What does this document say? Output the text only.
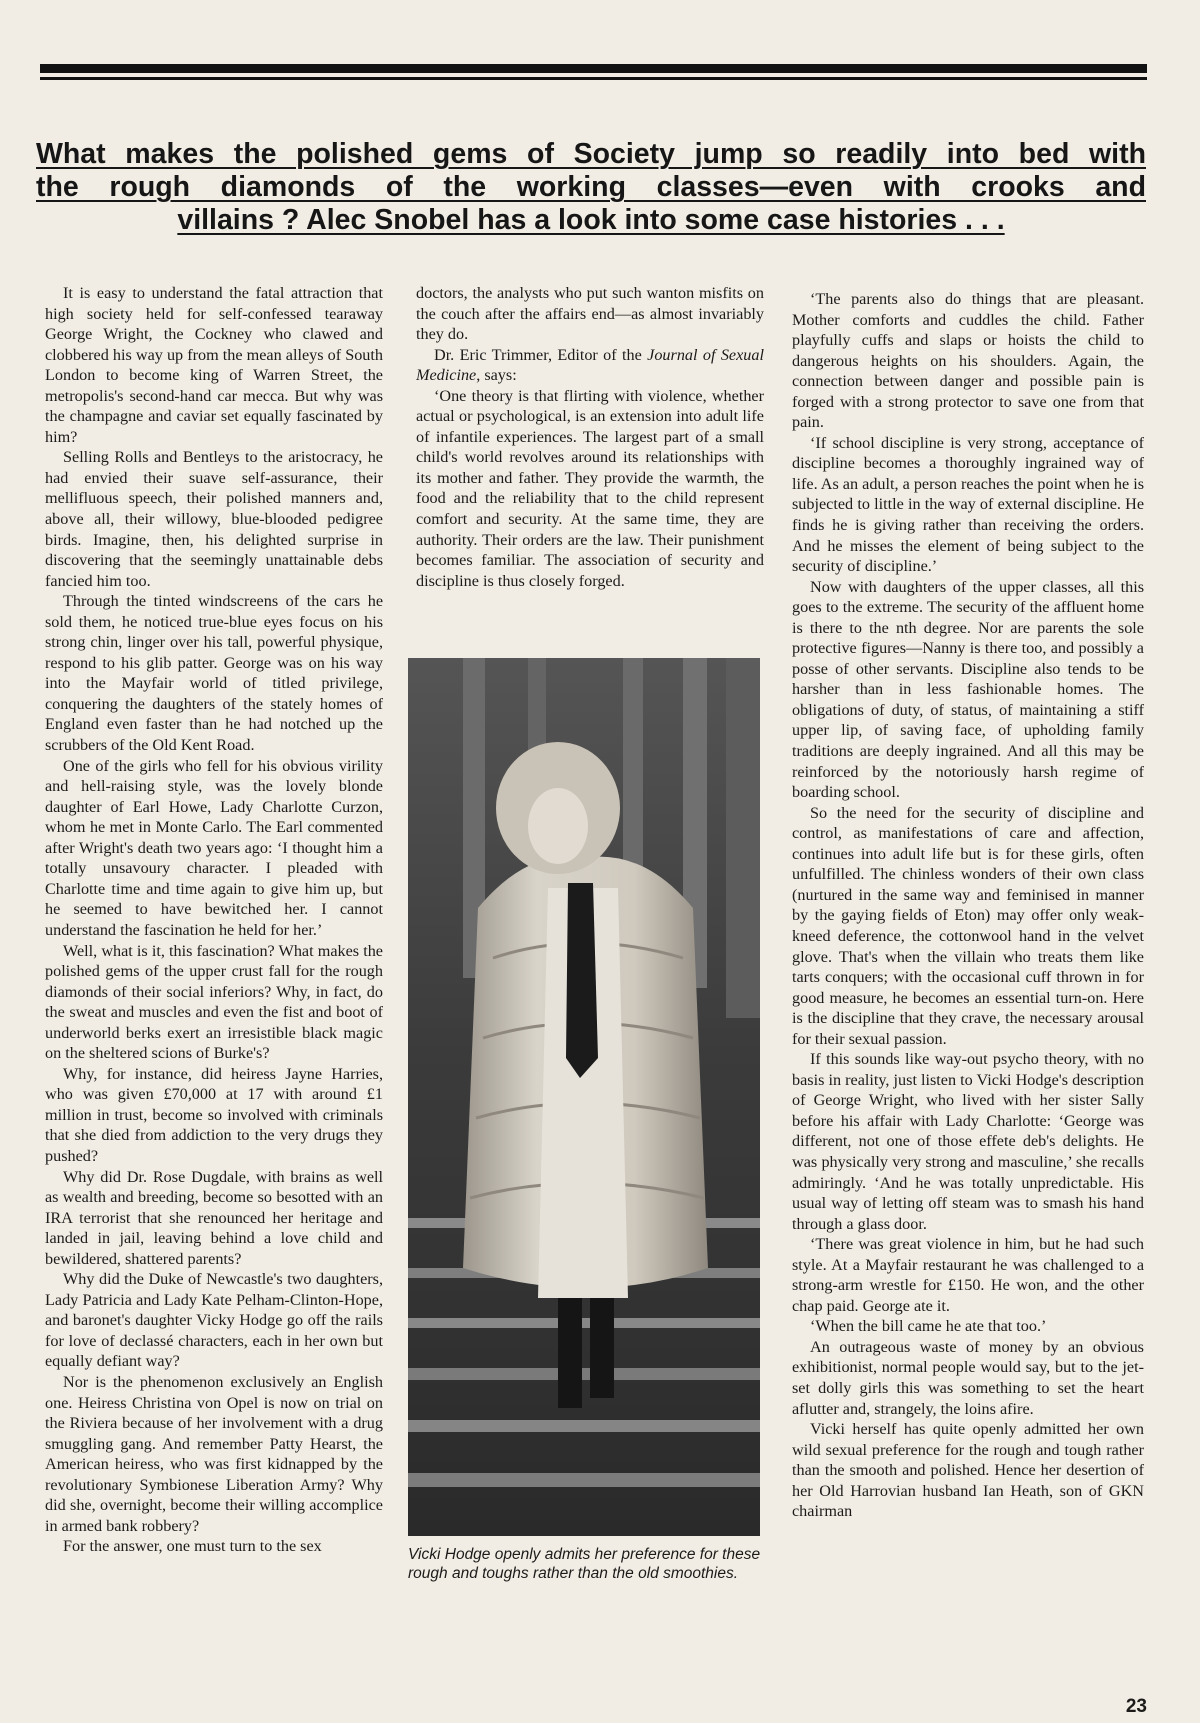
What makes the polished gems of Society jump so readily into bed with
the rough diamonds of the working classes—even with crooks and
villains ? Alec Snobel has a look into some case histories . . .

It is easy to understand the fatal attraction that high society held for self-confessed tearaway George Wright, the Cockney who clawed and clobbered his way up from the mean alleys of South London to become king of Warren Street, the metropolis's second-hand car mecca. But why was the champagne and caviar set equally fascinated by him?

Selling Rolls and Bentleys to the aristocracy, he had envied their suave self-assurance, their mellifluous speech, their polished manners and, above all, their willowy, blue-blooded pedigree birds. Imagine, then, his delighted surprise in discovering that the seemingly unattainable debs fancied him too.

Through the tinted windscreens of the cars he sold them, he noticed true-blue eyes focus on his strong chin, linger over his tall, powerful physique, respond to his glib patter. George was on his way into the Mayfair world of titled privilege, conquering the daughters of the stately homes of England even faster than he had notched up the scrubbers of the Old Kent Road.

One of the girls who fell for his obvious virility and hell-raising style, was the lovely blonde daughter of Earl Howe, Lady Charlotte Curzon, whom he met in Monte Carlo. The Earl commented after Wright's death two years ago: ‘I thought him a totally unsavoury character. I pleaded with Charlotte time and time again to give him up, but he seemed to have bewitched her. I cannot understand the fascination he held for her.’

Well, what is it, this fascination? What makes the polished gems of the upper crust fall for the rough diamonds of their social inferiors? Why, in fact, do the sweat and muscles and even the fist and boot of underworld berks exert an irresistible black magic on the sheltered scions of Burke's?

Why, for instance, did heiress Jayne Harries, who was given £70,000 at 17 with around £1 million in trust, become so involved with criminals that she died from addiction to the very drugs they pushed?

Why did Dr. Rose Dugdale, with brains as well as wealth and breeding, become so besotted with an IRA terrorist that she renounced her heritage and landed in jail, leaving behind a love child and bewildered, shattered parents?

Why did the Duke of Newcastle's two daughters, Lady Patricia and Lady Kate Pelham-Clinton-Hope, and baronet's daughter Vicky Hodge go off the rails for love of declassé characters, each in her own but equally defiant way?

Nor is the phenomenon exclusively an English one. Heiress Christina von Opel is now on trial on the Riviera because of her involvement with a drug smuggling gang. And remember Patty Hearst, the American heiress, who was first kidnapped by the revolutionary Symbionese Liberation Army? Why did she, overnight, become their willing accomplice in armed bank robbery?

For the answer, one must turn to the sex

doctors, the analysts who put such wanton misfits on the couch after the affairs end—as almost invariably they do.

Dr. Eric Trimmer, Editor of the Journal of Sexual Medicine, says:

‘One theory is that flirting with violence, whether actual or psychological, is an extension into adult life of infantile experiences. The largest part of a small child's world revolves around its relationships with its mother and father. They provide the warmth, the food and the reliability that to the child represent comfort and security. At the same time, they are authority. Their orders are the law. Their punishment becomes familiar. The association of security and discipline is thus closely forged.

Vicki Hodge openly admits her preference for these rough and toughs rather than the old smoothies.

‘The parents also do things that are pleasant. Mother comforts and cuddles the child. Father playfully cuffs and slaps or hoists the child to dangerous heights on his shoulders. Again, the connection between danger and possible pain is forged with a strong protector to save one from that pain.

‘If school discipline is very strong, acceptance of discipline becomes a thoroughly ingrained way of life. As an adult, a person reaches the point when he is subjected to little in the way of external discipline. He finds he is giving rather than receiving the orders. And he misses the element of being subject to the security of discipline.’

Now with daughters of the upper classes, all this goes to the extreme. The security of the affluent home is there to the nth degree. Nor are parents the sole protective figures—Nanny is there too, and possibly a posse of other servants. Discipline also tends to be harsher than in less fashionable homes. The obligations of duty, of status, of maintaining a stiff upper lip, of saving face, of upholding family traditions are deeply ingrained. And all this may be reinforced by the notoriously harsh regime of boarding school.

So the need for the security of discipline and control, as manifestations of care and affection, continues into adult life but is for these girls, often unfulfilled. The chinless wonders of their own class (nurtured in the same way and feminised in manner by the gaying fields of Eton) may offer only weak-kneed deference, the cottonwool hand in the velvet glove. That's when the villain who treats them like tarts conquers; with the occasional cuff thrown in for good measure, he becomes an essential turn-on. Here is the discipline that they crave, the necessary arousal for their sexual passion.

If this sounds like way-out psycho theory, with no basis in reality, just listen to Vicki Hodge's description of George Wright, who lived with her sister Sally before his affair with Lady Charlotte: ‘George was different, not one of those effete deb's delights. He was physically very strong and masculine,’ she recalls admiringly. ‘And he was totally unpredictable. His usual way of letting off steam was to smash his hand through a glass door.

‘There was great violence in him, but he had such style. At a Mayfair restaurant he was challenged to a strong-arm wrestle for £150. He won, and the other chap paid. George ate it.

‘When the bill came he ate that too.’

An outrageous waste of money by an obvious exhibitionist, normal people would say, but to the jet-set dolly girls this was something to set the heart aflutter and, strangely, the loins afire.

Vicki herself has quite openly admitted her own wild sexual preference for the rough and tough rather than the smooth and polished. Hence her desertion of her Old Harrovian husband Ian Heath, son of GKN chairman

23
